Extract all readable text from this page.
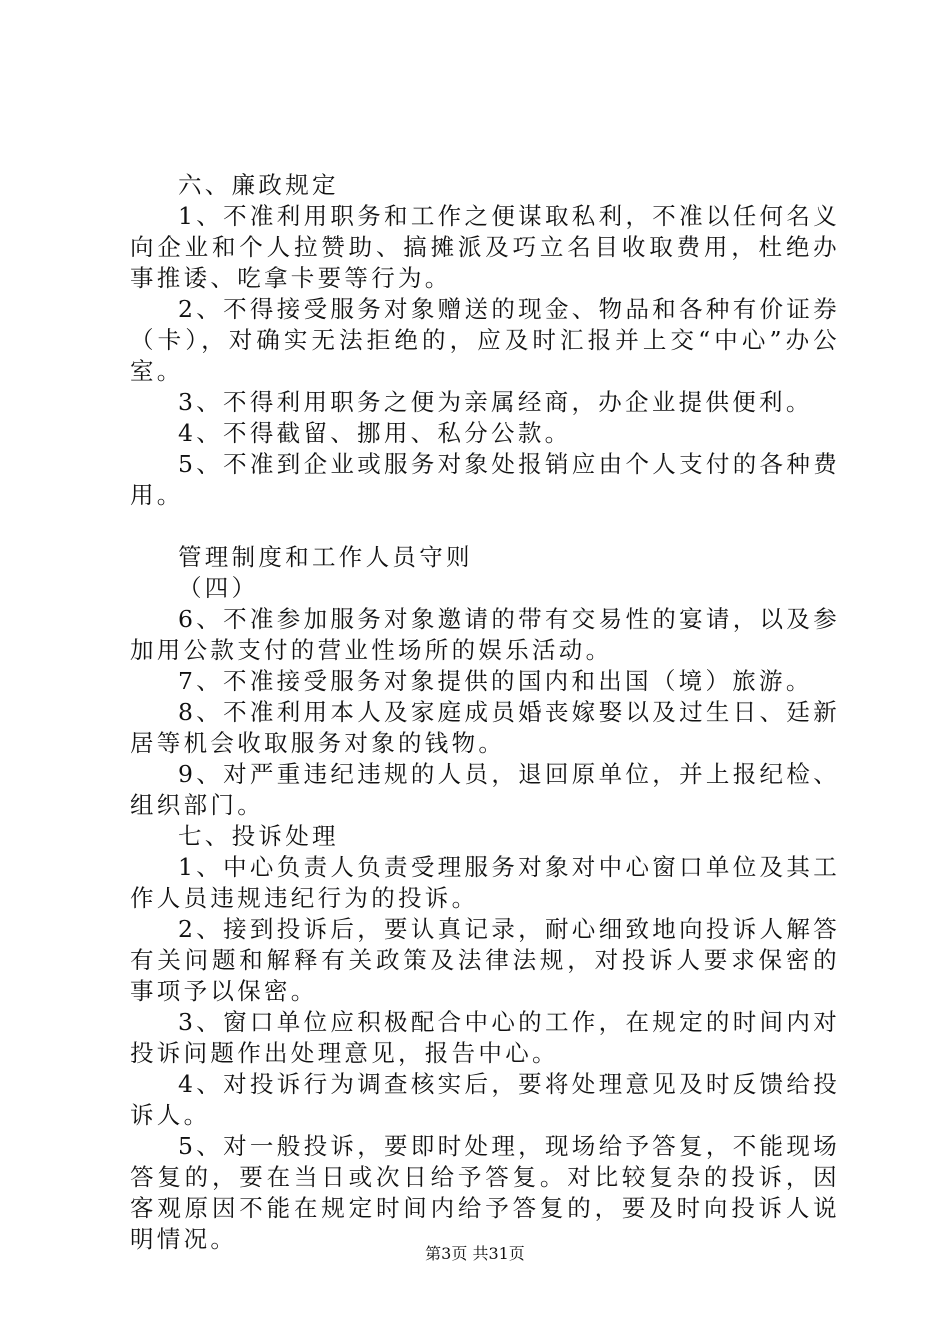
六、廉政规定

1、不准利用职务和工作之便谋取私利，不准以任何名义向企业和个人拉赞助、搞摊派及巧立名目收取费用，杜绝办事推诿、吃拿卡要等行为。

2、不得接受服务对象赠送的现金、物品和各种有价证券（卡），对确实无法拒绝的，应及时汇报并上交“中心”办公室。

3、不得利用职务之便为亲属经商，办企业提供便利。

4、不得截留、挪用、私分公款。

5、不准到企业或服务对象处报销应由个人支付的各种费用。

管理制度和工作人员守则

（四）

6、不准参加服务对象邀请的带有交易性的宴请，以及参加用公款支付的营业性场所的娱乐活动。

7、不准接受服务对象提供的国内和出国（境）旅游。

8、不准利用本人及家庭成员婚丧嫁娶以及过生日、廷新居等机会收取服务对象的钱物。

9、对严重违纪违规的人员，退回原单位，并上报纪检、组织部门。

七、投诉处理

1、中心负责人负责受理服务对象对中心窗口单位及其工作人员违规违纪行为的投诉。

2、接到投诉后，要认真记录，耐心细致地向投诉人解答有关问题和解释有关政策及法律法规，对投诉人要求保密的事项予以保密。

3、窗口单位应积极配合中心的工作，在规定的时间内对投诉问题作出处理意见，报告中心。

4、对投诉行为调查核实后，要将处理意见及时反馈给投诉人。

5、对一般投诉，要即时处理，现场给予答复，不能现场答复的，要在当日或次日给予答复。对比较复杂的投诉，因客观原因不能在规定时间内给予答复的，要及时向投诉人说明情况。

第3页 共31页
